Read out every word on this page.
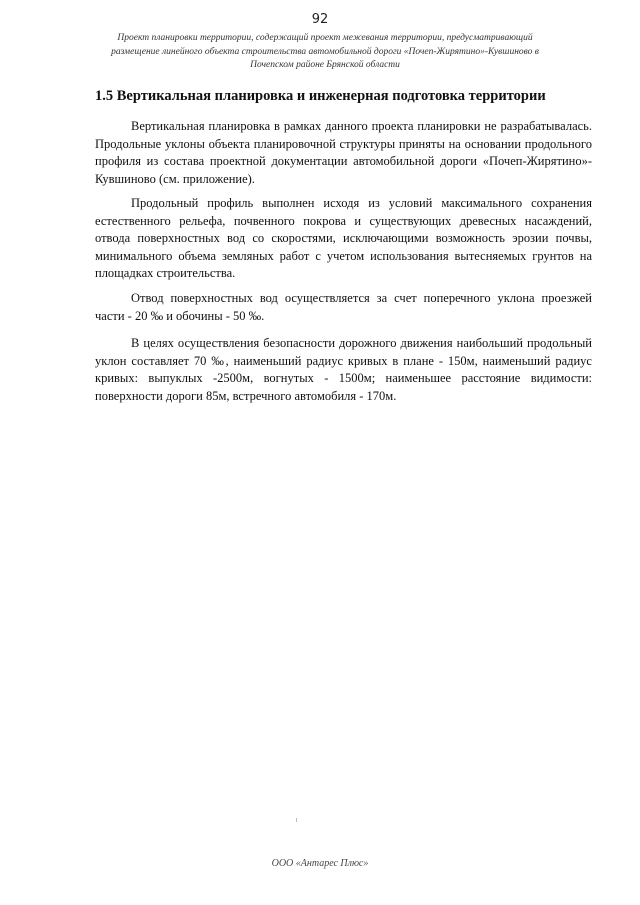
92
Проект планировки территории, содержащий проект межевания территории, предусматривающий
размещение линейного объекта строительства автомобильной дороги «Почеп-Жирятино»-Кувшиново в
Почепском районе Брянской области
1.5 Вертикальная планировка и инженерная подготовка территории

Вертикальная планировка в рамках данного проекта планировки не разрабатывалась. Продольные уклоны объекта планировочной структуры приняты на основании продольного профиля из состава проектной документации автомобильной дороги «Почеп-Жирятино»-Кувшиново (см. приложение).

Продольный профиль выполнен исходя из условий максимального сохранения естественного рельефа, почвенного покрова и существующих древесных насаждений, отвода поверхностных вод со скоростями, исключающими возможность эрозии почвы, минимального объема земляных работ с учетом использования вытесняемых грунтов на площадках строительства.

Отвод поверхностных вод осуществляется за счет поперечного уклона проезжей части - 20 ‰ и обочины - 50 ‰.

В целях осуществления безопасности дорожного движения наибольший продольный уклон составляет 70 ‰, наименьший радиус кривых в плане - 150м, наименьший радиус кривых: выпуклых -2500м, вогнутых - 1500м; наименьшее расстояние видимости: поверхности дороги 85м, встречного автомобиля - 170м.

ООО «Антарес Плюс»
